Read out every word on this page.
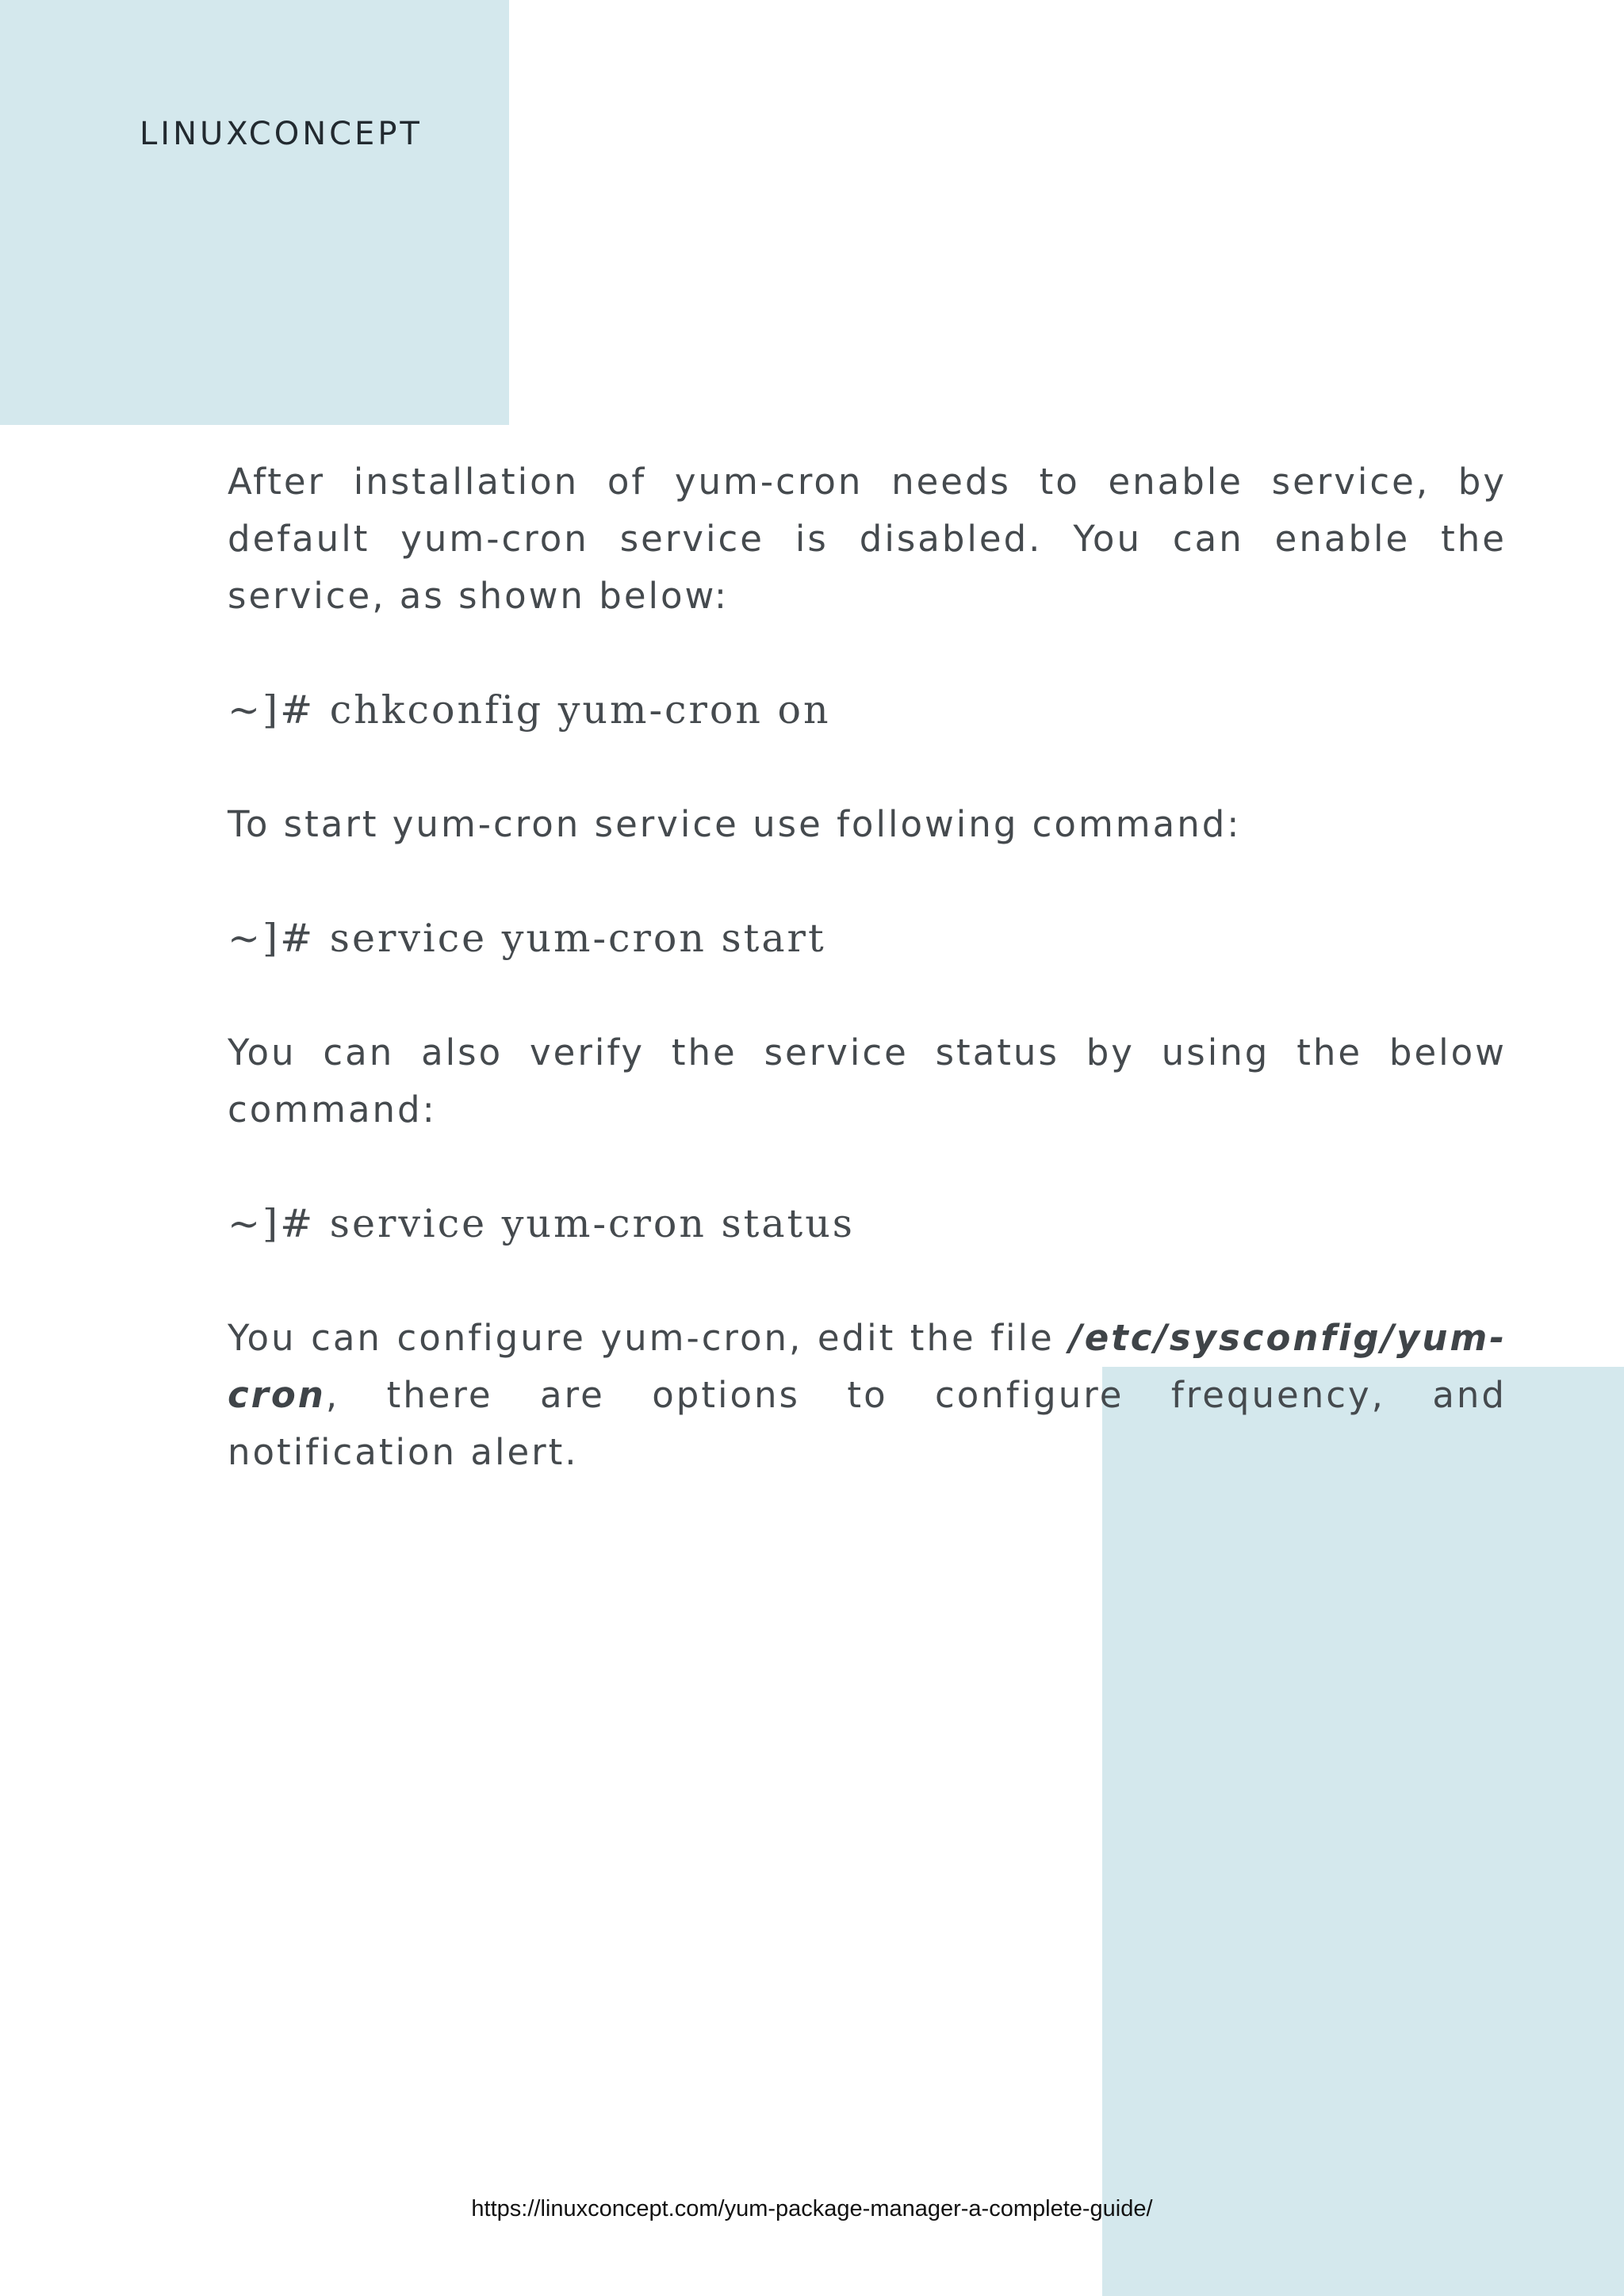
LINUXCONCEPT

After installation of yum-cron needs to enable service, by default yum-cron service is disabled. You can enable the service, as shown below:

~]# chkconfig yum-cron on

To start yum-cron service use following command:

~]# service yum-cron start

You can also verify the service status by using the below command:

~]# service yum-cron status

You can configure yum-cron, edit the file /etc/sysconfig/yum-cron, there are options to configure frequency, and notification alert.

https://linuxconcept.com/yum-package-manager-a-complete-guide/
